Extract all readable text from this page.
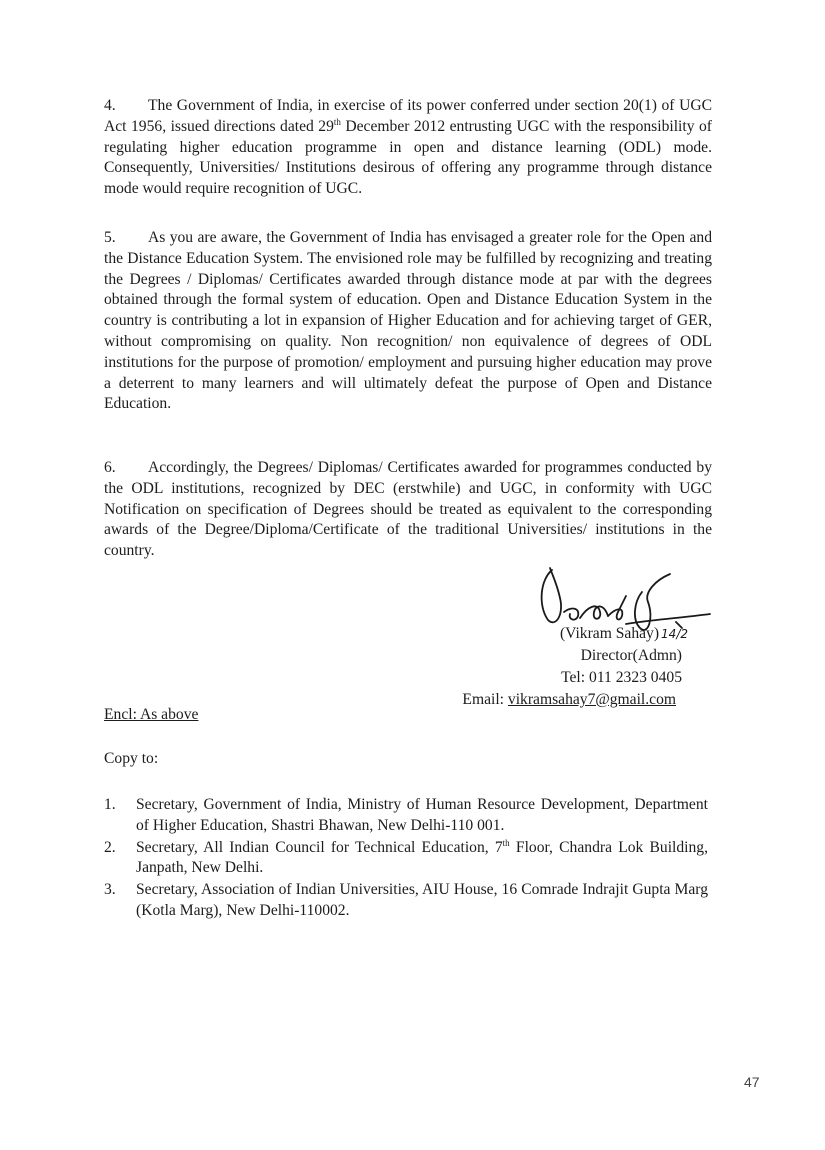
4. The Government of India, in exercise of its power conferred under section 20(1) of UGC Act 1956, issued directions dated 29th December 2012 entrusting UGC with the responsibility of regulating higher education programme in open and distance learning (ODL) mode. Consequently, Universities/ Institutions desirous of offering any programme through distance mode would require recognition of UGC.

5. As you are aware, the Government of India has envisaged a greater role for the Open and the Distance Education System. The envisioned role may be fulfilled by recognizing and treating the Degrees / Diplomas/ Certificates awarded through distance mode at par with the degrees obtained through the formal system of education. Open and Distance Education System in the country is contributing a lot in expansion of Higher Education and for achieving target of GER, without compromising on quality. Non recognition/ non equivalence of degrees of ODL institutions for the purpose of promotion/ employment and pursuing higher education may prove a deterrent to many learners and will ultimately defeat the purpose of Open and Distance Education.

6. Accordingly, the Degrees/ Diplomas/ Certificates awarded for programmes conducted by the ODL institutions, recognized by DEC (erstwhile) and UGC, in conformity with UGC Notification on specification of Degrees should be treated as equivalent to the corresponding awards of the Degree/Diploma/Certificate of the traditional Universities/ institutions in the country.

(Vikram Sahay) 14/2
Director(Admn)
Tel: 011 2323 0405
Email: vikramsahay7@gmail.com
Encl: As above
Copy to:
1. Secretary, Government of India, Ministry of Human Resource Development, Department of Higher Education, Shastri Bhawan, New Delhi-110 001.
2. Secretary, All Indian Council for Technical Education, 7th Floor, Chandra Lok Building, Janpath, New Delhi.
3. Secretary, Association of Indian Universities, AIU House, 16 Comrade Indrajit Gupta Marg (Kotla Marg), New Delhi-110002.
47
